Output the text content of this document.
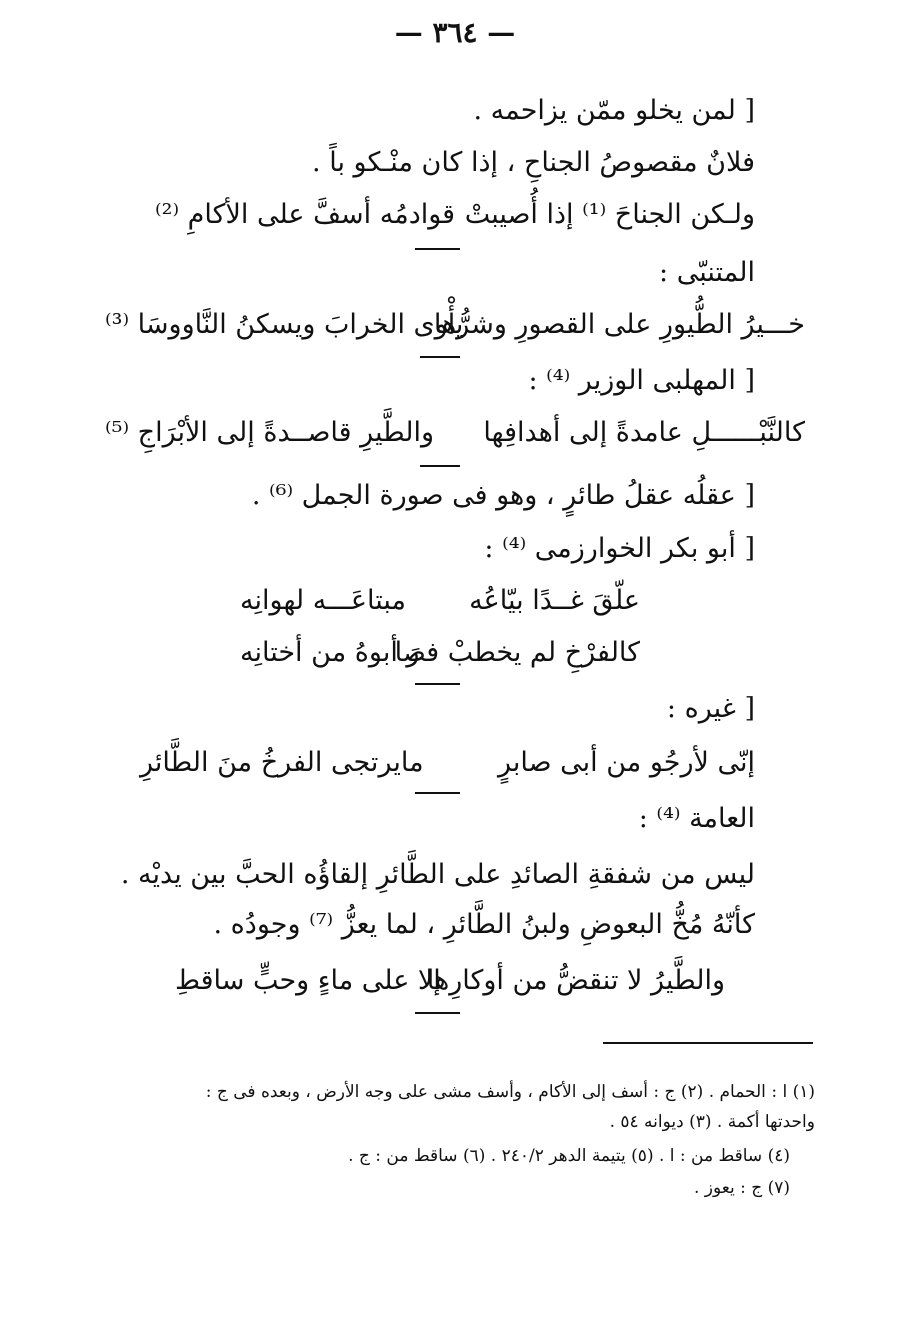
— ٣٦٤ —
[ لمن يخلو ممّن يزاحمه .
فلانٌ مقصوصُ الجناحِ ، إذا كان منْـكو باً .
ولـكن الجناحَ ⁽¹⁾ إذا أُصيبتْ
قوادمُه أسفَّ على الأكامِ ⁽²⁾
المتنبّى :
خـــيرُ الطُّيورِ على القصورِ وشرُّها
يأْوى الخرابَ ويسكنُ النَّاووسَا ⁽³⁾
[ المهلبى الوزير ⁽⁴⁾ :
كالنَّبْــــــلِ عامدةً إلى أهدافِها
والطَّيرِ قاصــدةً إلى الأبْرَاجِ ⁽⁵⁾
[ عقلُه عقلُ طائرٍ ، وهو فى صورة الجمل ⁽⁶⁾ .
[ أبو بكر الخوارزمى ⁽⁴⁾ :
علّقَ غــدًا بيّاعُه
مبتاعَـــه لهوانِه
كالفرْخِ لم يخطبْ فصا
رَ أبوهُ من أختانِه
[ غيره :
إنّى لأرجُو من أبى صابرٍ
مايرتجى الفرخُ منَ الطَّائرِ
العامة ⁽⁴⁾ :
ليس من شفقةِ الصائدِ على الطَّائرِ إلقاؤُه الحبَّ بين يديْه .
كأنّهُ مُخُّ البعوضِ ولبنُ الطَّائرِ ، لما يعزُّ ⁽⁷⁾ وجودُه .
والطَّيرُ لا تنقضُّ من أوكارِها
إلا على ماءٍ وحبٍّ ساقطِ
(١) ا : الحمام . (٢) ج : أسف إلى الأكام ، وأسف مشى على وجه الأرض ، وبعده فى ج :
واحدتها أكمة . (٣) ديوانه ٥٤ .
(٤) ساقط من : ا . (٥) يتيمة الدهر ٢٤٠/٢ . (٦) ساقط من : ج .
(٧) ج : يعوز .
